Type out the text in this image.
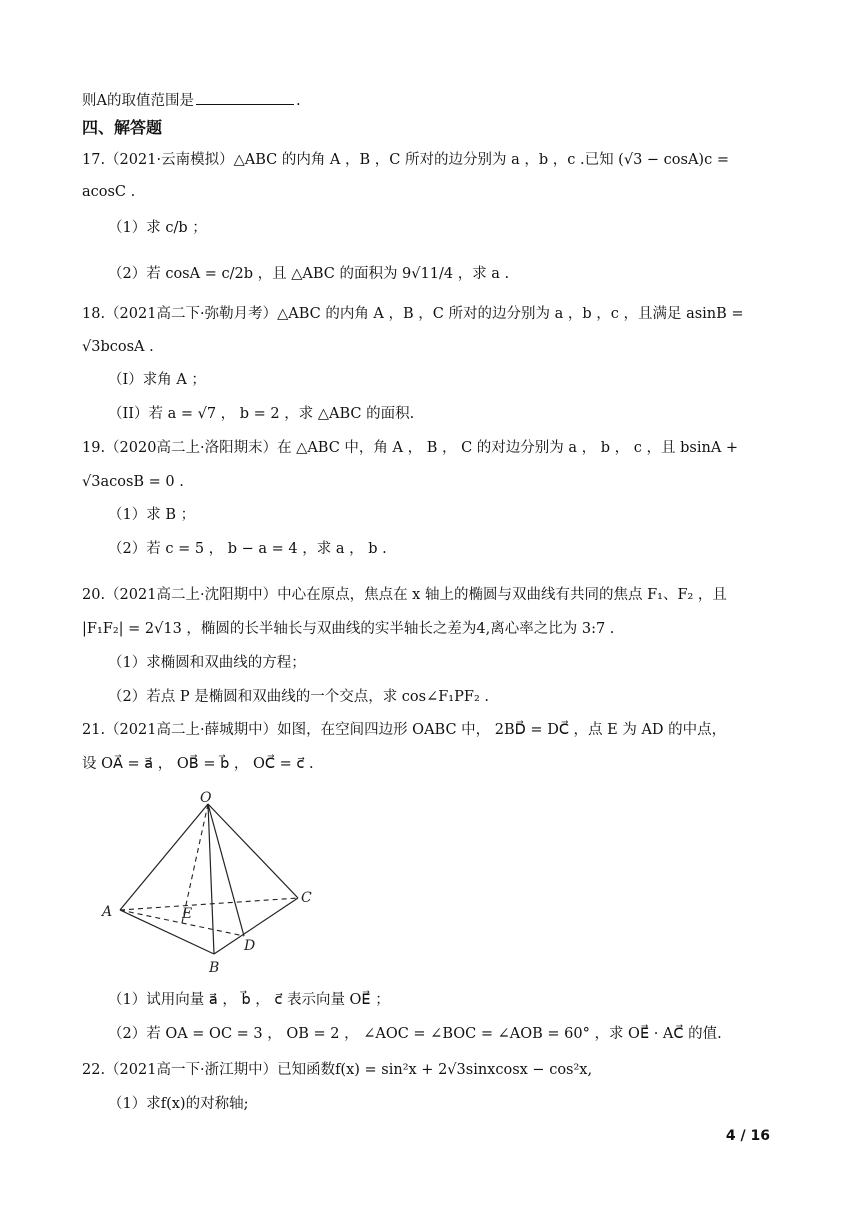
则A的取值范围是	.
四、解答题
17.（2021·云南模拟）△ABC 的内角 A ，B ，C 所对的边分别为 a ，b ，c .已知 (√3 − cosA)c =
acosC .
（1）求 c/b ；
（2）若 cosA = c/2b ，且 △ABC 的面积为 9√11/4 ，求 a .
18.（2021高二下·弥勒月考）△ABC 的内角 A ，B ，C 所对的边分别为 a ，b ，c ，且满足 asinB =
√3bcosA .
（I）求角 A ；
（II）若 a = √7 ， b = 2 ，求 △ABC 的面积.
19.（2020高二上·洛阳期末）在 △ABC 中，角 A ， B ， C 的对边分别为 a ， b ， c ，且 bsinA +
√3acosB = 0 .
（1）求 B ；
（2）若 c = 5 ， b − a = 4 ，求 a ， b .
20.（2021高二上·沈阳期中）中心在原点，焦点在 x 轴上的椭圆与双曲线有共同的焦点 F₁、F₂ ，且
|F₁F₂| = 2√13 ，椭圆的长半轴长与双曲线的实半轴长之差为4,离心率之比为 3:7 .
（1）求椭圆和双曲线的方程；
（2）若点 P 是椭圆和双曲线的一个交点，求 cos∠F₁PF₂ .
21.（2021高二上·薛城期中）如图，在空间四边形 OABC 中， 2BD⃗ = DC⃗ ，点 E 为 AD 的中点，
设 OA⃗ = a⃗ ， OB⃗ = b⃗ ， OC⃗ = c⃗ .
O
A
B
C
D
E
（1）试用向量 a⃗ ， b⃗ ， c⃗ 表示向量 OE⃗ ；
（2）若 OA = OC = 3 ， OB = 2 ， ∠AOC = ∠BOC = ∠AOB = 60° ，求 OE⃗ · AC⃗ 的值.
22.（2021高一下·浙江期中）已知函数f(x) = sin²x + 2√3sinxcosx − cos²x,
（1）求f(x)的对称轴;
4 / 16
